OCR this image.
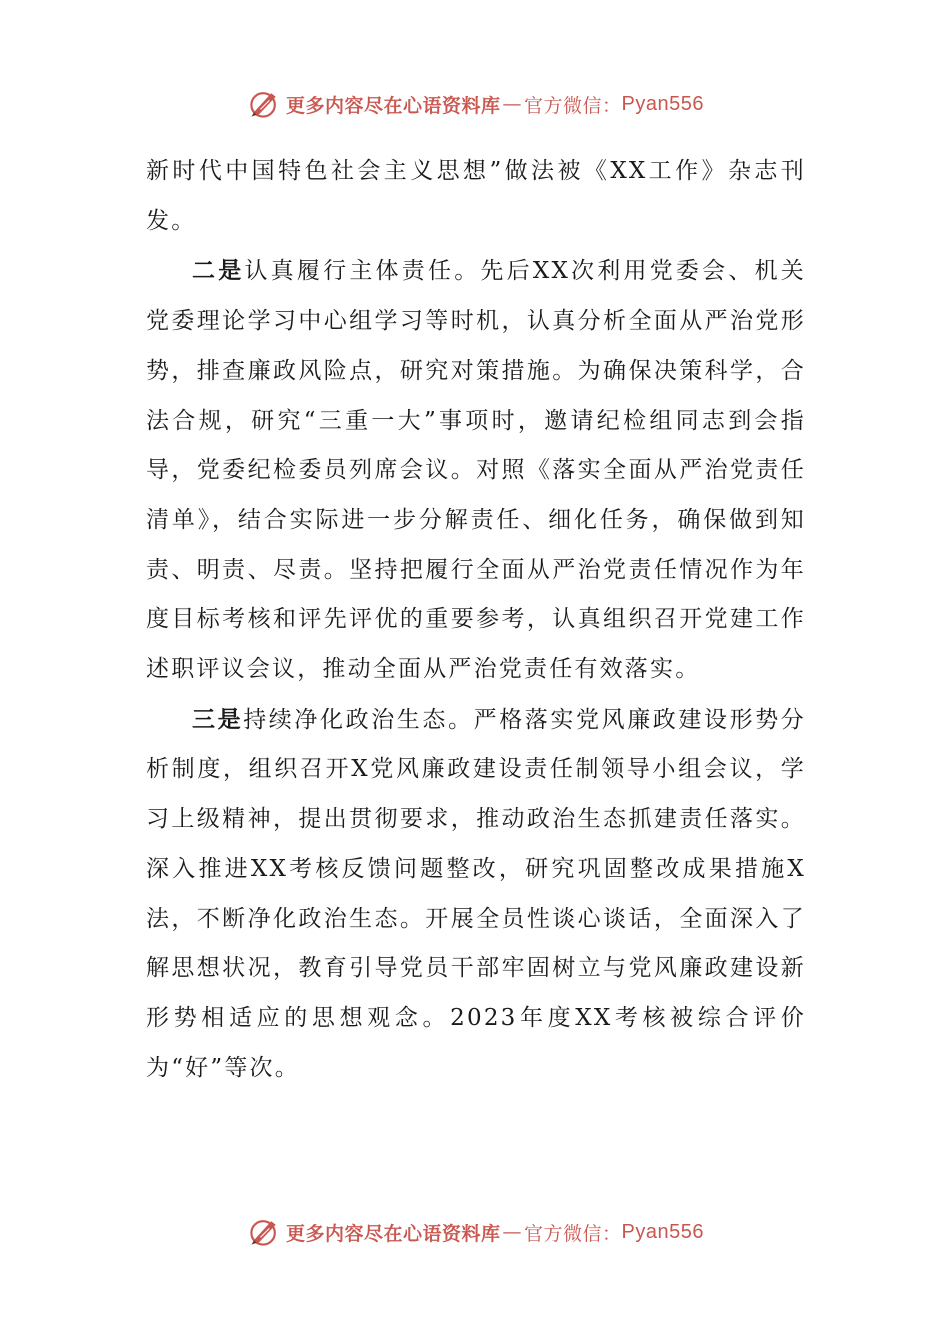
更多内容尽在心语资料库 — 官方微信： Pyan556

新时代中国特色社会主义思想”做法被《XX工作》杂志刊发。

二是认真履行主体责任。先后XX次利用党委会、机关党委理论学习中心组学习等时机，认真分析全面从严治党形势，排查廉政风险点，研究对策措施。为确保决策科学，合法合规，研究“三重一大”事项时，邀请纪检组同志到会指导，党委纪检委员列席会议。对照《落实全面从严治党责任清单》，结合实际进一步分解责任、细化任务，确保做到知责、明责、尽责。坚持把履行全面从严治党责任情况作为年度目标考核和评先评优的重要参考，认真组织召开党建工作述职评议会议，推动全面从严治党责任有效落实。

三是持续净化政治生态。严格落实党风廉政建设形势分析制度，组织召开X党风廉政建设责任制领导小组会议，学习上级精神，提出贯彻要求，推动政治生态抓建责任落实。深入推进XX考核反馈问题整改，研究巩固整改成果措施X法，不断净化政治生态。开展全员性谈心谈话，全面深入了解思想状况，教育引导党员干部牢固树立与党风廉政建设新形势相适应的思想观念。2023年度XX考核被综合评价为“好”等次。

更多内容尽在心语资料库 — 官方微信： Pyan556
